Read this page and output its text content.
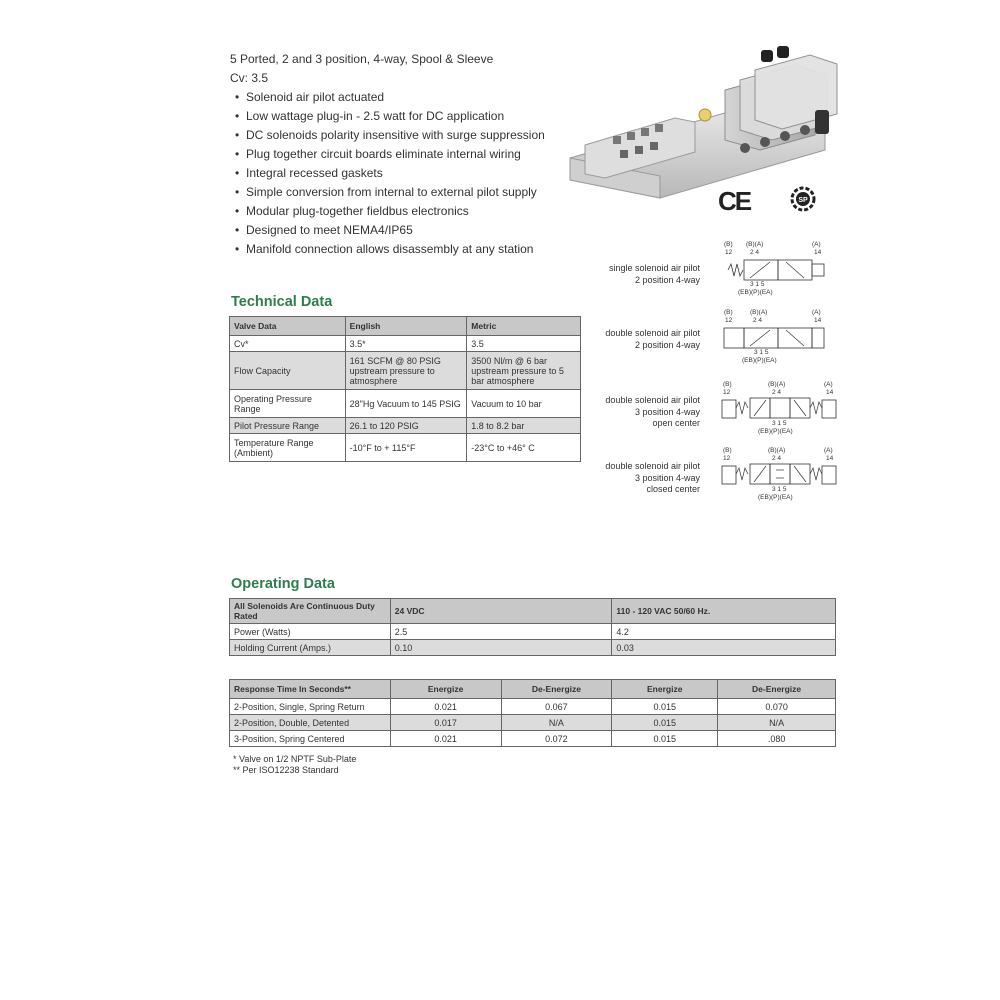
5 Ported, 2 and 3 position, 4-way, Spool & Sleeve
Cv: 3.5
• Solenoid air pilot actuated
• Low wattage plug-in - 2.5 watt for DC application
• DC solenoids polarity insensitive with surge suppression
• Plug together circuit boards eliminate internal wiring
• Integral recessed gaskets
• Simple conversion from internal to external pilot supply
• Modular plug-together fieldbus electronics
• Designed to meet NEMA4/IP65
• Manifold connection allows disassembly at any station
CE	SP
Technical Data
Valve Data	English	Metric
Cv*	3.5*	3.5
Flow Capacity	161 SCFM @ 80 PSIG upstream pressure to atmosphere	3500 Nl/m @ 6 bar upstream pressure to 5 bar atmosphere
Operating Pressure Range	28"Hg Vacuum to 145 PSIG	Vacuum to 10 bar
Pilot Pressure Range	26.1 to 120 PSIG	1.8 to 8.2 bar
Temperature Range (Ambient)	-10°F to + 115°F	-23°C to +46° C
single solenoid air pilot
2 position 4-way
(B) (B)(A)	(A)
12	2 4	14
3 1 5
(EB)(P)(EA)
double solenoid air pilot
2 position 4-way
(B)	(B)(A)	(A)
12	2 4	14
3 1 5
(EB)(P)(EA)
double solenoid air pilot
3 position 4-way
open center
(B)	(B)(A)	(A)
12	2 4	14
3 1 5
(EB)(P)(EA)
double solenoid air pilot
3 position 4-way
closed center
(B)	(B)(A)	(A)
12	2 4	14
3 1 5
(EB)(P)(EA)
Operating Data
All Solenoids Are Continuous Duty Rated	24 VDC	110 - 120 VAC 50/60 Hz.
Power (Watts)	2.5	4.2
Holding Current (Amps.)	0.10	0.03
Response Time In Seconds**	Energize	De-Energize	Energize	De-Energize
2-Position, Single, Spring Return	0.021	0.067	0.015	0.070
2-Position, Double, Detented	0.017	N/A	0.015	N/A
3-Position, Spring Centered	0.021	0.072	0.015	.080
* Valve on 1/2 NPTF Sub-Plate
** Per ISO12238 Standard
